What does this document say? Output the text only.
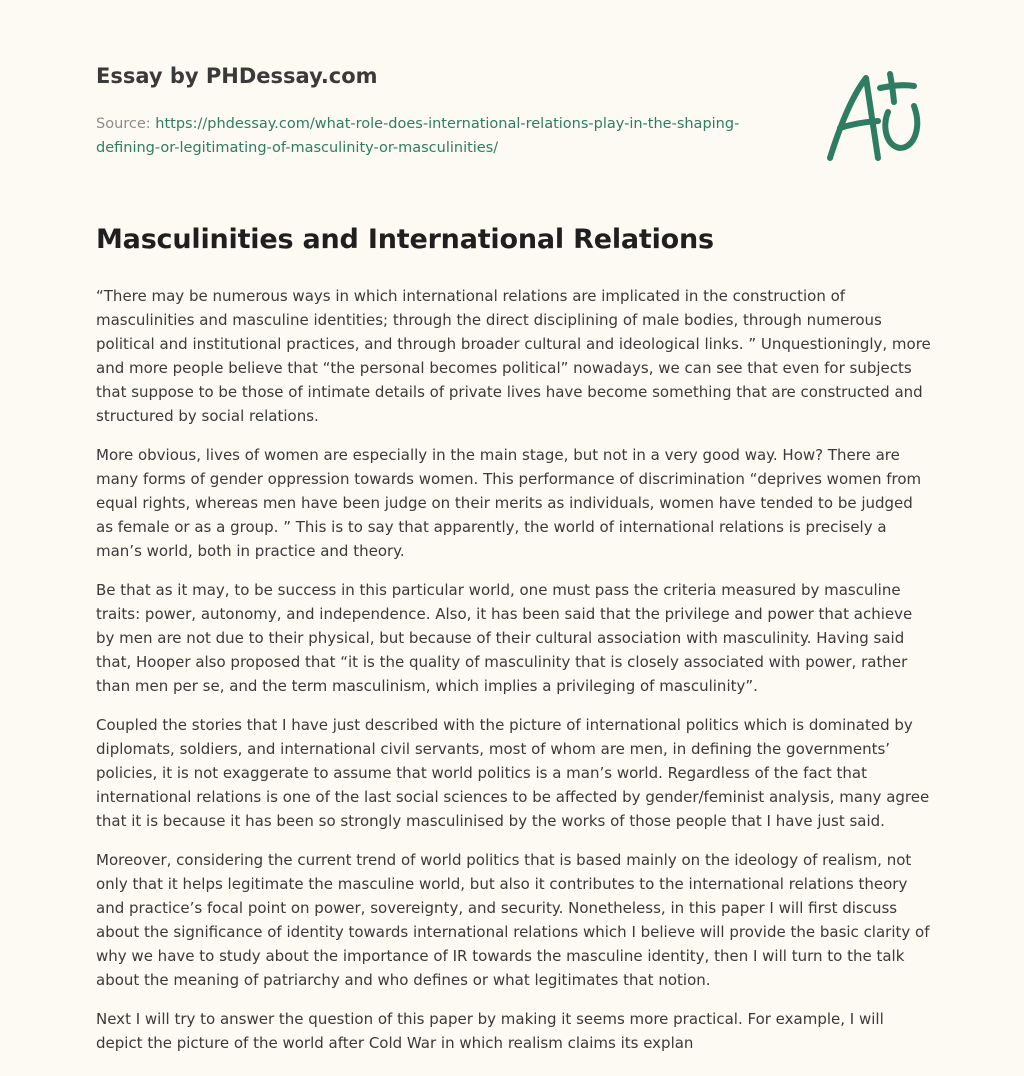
Essay by PHDessay.com
Source: https://phdessay.com/what-role-does-international-relations-play-in-the-shaping-defining-or-legitimating-of-masculinity-or-masculinities/
Masculinities and International Relations

“There may be numerous ways in which international relations are implicated in the construction of masculinities and masculine identities; through the direct disciplining of male bodies, through numerous political and institutional practices, and through broader cultural and ideological links. ” Unquestioningly, more and more people believe that “the personal becomes political” nowadays, we can see that even for subjects that suppose to be those of intimate details of private lives have become something that are constructed and structured by social relations.

More obvious, lives of women are especially in the main stage, but not in a very good way. How? There are many forms of gender oppression towards women. This performance of discrimination “deprives women from equal rights, whereas men have been judge on their merits as individuals, women have tended to be judged as female or as a group. ” This is to say that apparently, the world of international relations is precisely a man’s world, both in practice and theory.

Be that as it may, to be success in this particular world, one must pass the criteria measured by masculine traits: power, autonomy, and independence. Also, it has been said that the privilege and power that achieve by men are not due to their physical, but because of their cultural association with masculinity. Having said that, Hooper also proposed that “it is the quality of masculinity that is closely associated with power, rather than men per se, and the term masculinism, which implies a privileging of masculinity”.

Coupled the stories that I have just described with the picture of international politics which is dominated by diplomats, soldiers, and international civil servants, most of whom are men, in defining the governments’ policies, it is not exaggerate to assume that world politics is a man’s world. Regardless of the fact that international relations is one of the last social sciences to be affected by gender/feminist analysis, many agree that it is because it has been so strongly masculinised by the works of those people that I have just said.

Moreover, considering the current trend of world politics that is based mainly on the ideology of realism, not only that it helps legitimate the masculine world, but also it contributes to the international relations theory and practice’s focal point on power, sovereignty, and security. Nonetheless, in this paper I will first discuss about the significance of identity towards international relations which I believe will provide the basic clarity of why we have to study about the importance of IR towards the masculine identity, then I will turn to the talk about the meaning of patriarchy and who defines or what legitimates that notion.

Next I will try to answer the question of this paper by making it seems more practical. For example, I will depict the picture of the world after Cold War in which realism claims its explan
